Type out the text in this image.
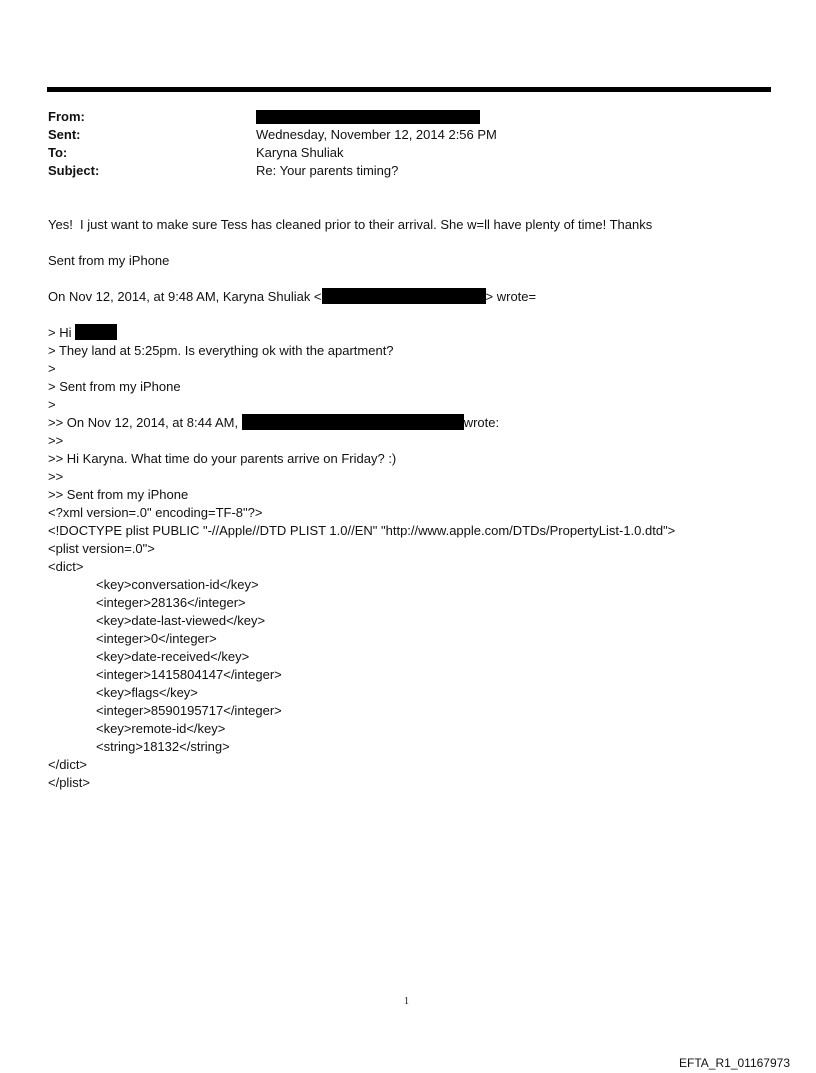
From:
Sent:	Wednesday, November 12, 2014 2:56 PM
To:	Karyna Shuliak
Subject:	Re: Your parents timing?
Yes!  I just want to make sure Tess has cleaned prior to their arrival. She w=ll have plenty of time! Thanks
Sent from my iPhone
On Nov 12, 2014, at 9:48 AM, Karyna Shuliak <	> wrote=
> Hi
> They land at 5:25pm. Is everything ok with the apartment?
>
> Sent from my iPhone
>
>> On Nov 12, 2014, at 8:44 AM,	wrote:
>>
>> Hi Karyna. What time do your parents arrive on Friday? :)
>>
>> Sent from my iPhone
<?xml version=.0" encoding=TF-8"?>
<!DOCTYPE plist PUBLIC "-//Apple//DTD PLIST 1.0//EN" "http://www.apple.com/DTDs/PropertyList-1.0.dtd">
<plist version=.0">
<dict>
<key>conversation-id</key>
<integer>28136</integer>
<key>date-last-viewed</key>
<integer>0</integer>
<key>date-received</key>
<integer>1415804147</integer>
<key>flags</key>
<integer>8590195717</integer>
<key>remote-id</key>
<string>18132</string>
</dict>
</plist>
1
EFTA_R1_01167973
